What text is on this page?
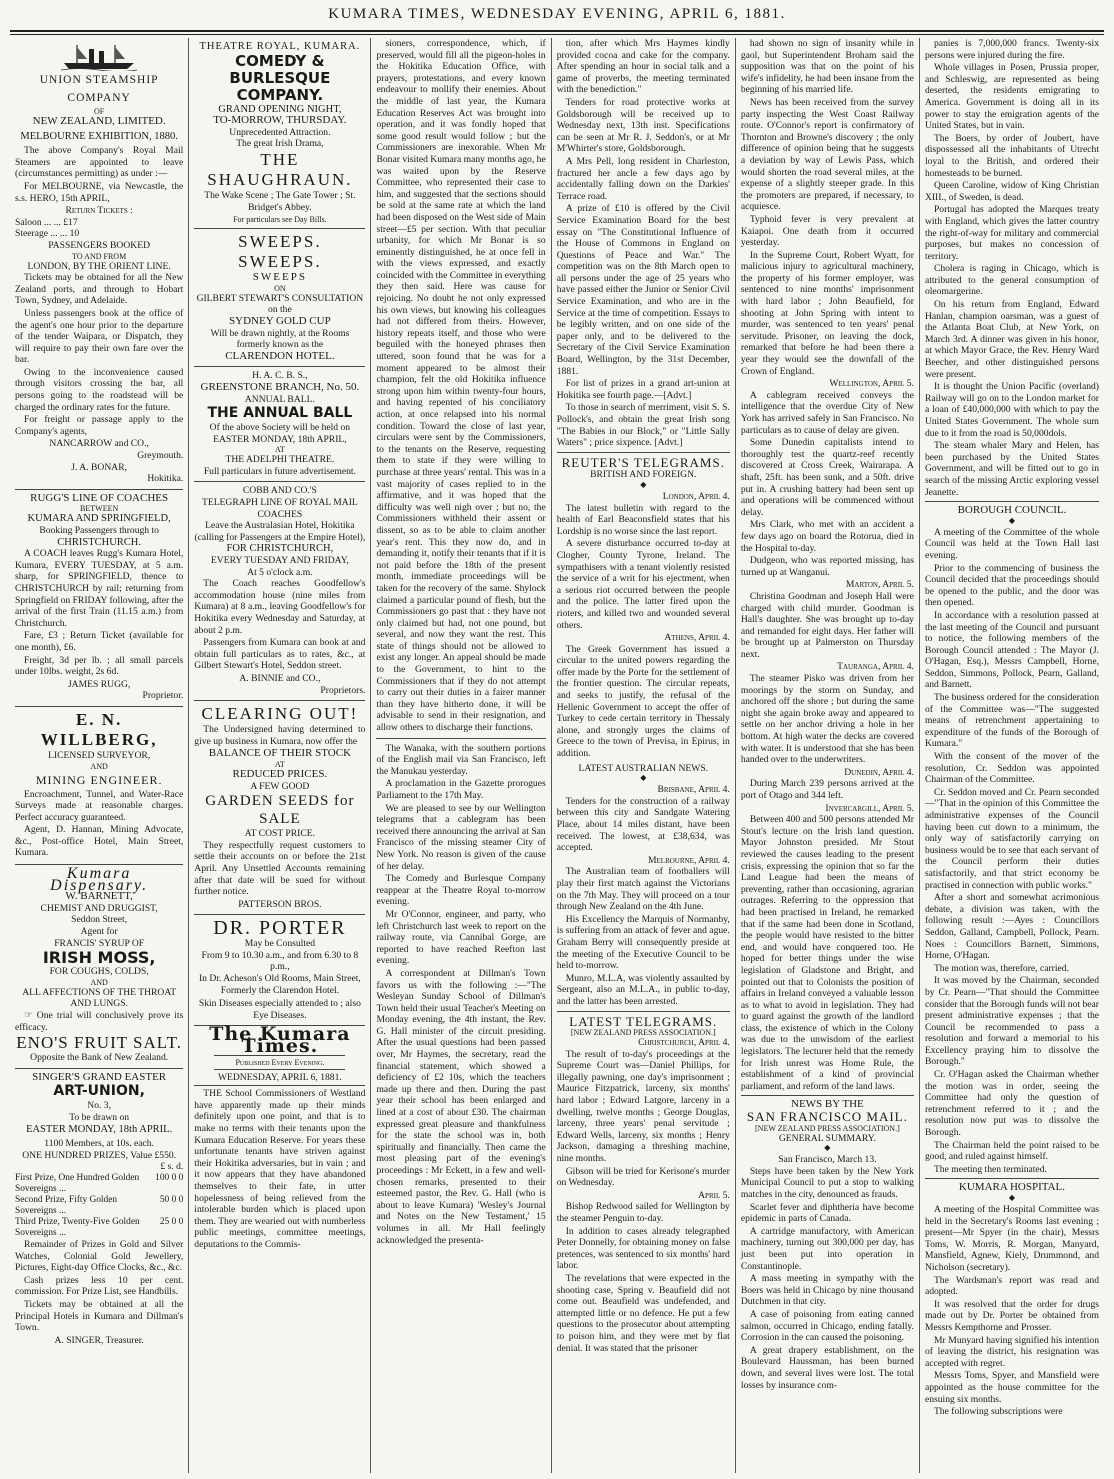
KUMARA TIMES, WEDNESDAY EVENING, APRIL 6, 1881.
UNION STEAMSHIP COMPANY
OF
NEW ZEALAND, LIMITED.
MELBOURNE EXHIBITION, 1880.

The above Company's Royal Mail Steamers are appointed to leave (circumstances permitting) as under :—

For MELBOURNE, via Newcastle, the s.s. HERO, 15th APRIL,

Return Tickets :
Saloon ... ... £17
Steerage ... ... 10
PASSENGERS BOOKED
TO AND FROM
LONDON, BY THE ORIENT LINE.

Tickets may be obtained for all the New Zealand ports, and through to Hobart Town, Sydney, and Adelaide.

Unless passengers book at the office of the agent's one hour prior to the departure of the tender Waipara, or Dispatch, they will require to pay their own fare over the bar.

Owing to the inconvenience caused through visitors crossing the bar, all persons going to the roadstead will be charged the ordinary rates for the future.

For freight or passage apply to the Company's agents,

NANCARROW and CO.,
Greymouth.
J. A. BONAR,
Hokitika.
RUGG'S LINE OF COACHES
BETWEEN
KUMARA AND SPRINGFIELD,
Booking Passengers through to
CHRISTCHURCH.

A COACH leaves Rugg's Kumara Hotel, Kumara, EVERY TUESDAY, at 5 a.m. sharp, for SPRINGFIELD, thence to CHRISTCHURCH by rail; returning from Springfield on FRIDAY following, after the arrival of the first Train (11.15 a.m.) from Christchurch.

Fare, £3 ; Return Ticket (available for one month), £6.

Freight, 3d per lb. ; all small parcels under 10lbs. weight, 2s 6d.

JAMES RUGG,
Proprietor.
E. N. WILLBERG,
LICENSED SURVEYOR,
AND
MINING ENGINEER.

Encroachment, Tunnel, and Water-Race Surveys made at reasonable charges. Perfect accuracy guaranteed.

Agent, D. Hannan, Mining Advocate, &c., Post-office Hotel, Main Street, Kumara.

Kumara Dispensary.
W. BARNETT,
CHEMIST AND DRUGGIST,
Seddon Street,
Agent for
FRANCIS' SYRUP OF
IRISH MOSS,
FOR COUGHS, COLDS,
AND
ALL AFFECTIONS OF THE THROAT AND LUNGS.

☞ One trial will conclusively prove its efficacy.

ENO'S FRUIT SALT.
Opposite the Bank of New Zealand.
SINGER'S GRAND EASTER
ART-UNION,
No. 3,
To be drawn on
EASTER MONDAY, 18th APRIL.
1100 Members, at 10s. each.
ONE HUNDRED PRIZES, Value £550.
£ s. d.
First Prize, One Hundred Golden Sovereigns ...	100 0 0
Second Prize, Fifty Golden Sovereigns ...	50 0 0
Third Prize, Twenty-Five Golden Sovereigns ...	25 0 0

Remainder of Prizes in Gold and Silver Watches, Colonial Gold Jewellery, Pictures, Eight-day Office Clocks, &c., &c.

Cash prizes less 10 per cent. commission. For Prize List, see Handbills.

Tickets may be obtained at all the Principal Hotels in Kumara and Dillman's Town.

A. SINGER, Treasurer.
THEATRE ROYAL, KUMARA.
COMEDY & BURLESQUE COMPANY.
GRAND OPENING NIGHT,
TO-MORROW, THURSDAY.
Unprecedented Attraction.
The great Irish Drama,
THE SHAUGHRAUN.
The Wake Scene ; The Gate Tower ; St. Bridget's Abbey.
For particulars see Day Bills.
SWEEPS. SWEEPS.
SWEEPS
ON
GILBERT STEWART'S CONSULTATION on the
SYDNEY GOLD CUP
Will be drawn nightly, at the Rooms formerly known as the
CLARENDON HOTEL.
H. A. C. B. S.,
GREENSTONE BRANCH, No. 50.
ANNUAL BALL.
THE ANNUAL BALL
Of the above Society will be held on
EASTER MONDAY, 18th APRIL,
AT
THE ADELPHI THEATRE.
Full particulars in future advertisement.
COBB AND CO.'S
TELEGRAPH LINE OF ROYAL MAIL COACHES
Leave the Australasian Hotel, Hokitika (calling for Passengers at the Empire Hotel),
FOR CHRISTCHURCH,
EVERY TUESDAY AND FRIDAY,
At 5 o'clock a.m.

The Coach reaches Goodfellow's accommodation house (nine miles from Kumara) at 8 a.m., leaving Goodfellow's for Hokitika every Wednesday and Saturday, at about 2 p.m.

Passengers from Kumara can book at and obtain full particulars as to rates, &c., at Gilbert Stewart's Hotel, Seddon street.

A. BINNIE and CO.,
Proprietors.
CLEARING OUT!

The Undersigned having determined to give up business in Kumara, now offer the

BALANCE OF THEIR STOCK
AT
REDUCED PRICES.
A FEW GOOD
GARDEN SEEDS for SALE
AT COST PRICE.

They respectfully request customers to settle their accounts on or before the 21st April. Any Unsettled Accounts remaining after that date will be sued for without further notice.

PATTERSON BROS.
DR. PORTER
May be Consulted
From 9 to 10.30 a.m., and from 6.30 to 8 p.m.,
In Dr. Acheson's Old Rooms, Main Street,
Formerly the Clarendon Hotel.
Skin Diseases especially attended to ; also Eye Diseases.
The Kumara Times.
Published Every Evening.
WEDNESDAY, APRIL 6, 1881.

THE School Commissioners of Westland have apparently made up their minds definitely upon one point, and that is to make no terms with their tenants upon the Kumara Education Reserve. For years these unfortunate tenants have striven against their Hokitika adversaries, but in vain ; and it now appears that they have abandoned themselves to their fate, in utter hopelessness of being relieved from the intolerable burden which is placed upon them. They are wearied out with numberless public meetings, committee meetings, deputations to the Commis-

sioners, correspondence, which, if preserved, would fill all the pigeon-holes in the Hokitika Education Office, with prayers, protestations, and every known endeavour to mollify their enemies. About the middle of last year, the Kumara Education Reserves Act was brought into operation, and it was fondly hoped that some good result would follow ; but the Commissioners are inexorable. When Mr Bonar visited Kumara many months ago, he was waited upon by the Reserve Committee, who represented their case to him, and suggested that the sections should be sold at the same rate at which the land had been disposed on the West side of Main street—£5 per section. With that peculiar urbanity, for which Mr Bonar is so eminently distinguished, he at once fell in with the views expressed, and exactly coincided with the Committee in everything they then said. Here was cause for rejoicing. No doubt he not only expressed his own views, but knowing his colleagues had not differed from theirs. However, history repeats itself, and those who were beguiled with the honeyed phrases then uttered, soon found that he was for a moment appeared to be almost their champion, felt the old Hokitika influence strong upon him within twenty-four hours, and having repented of his conciliatory action, at once relapsed into his normal condition. Toward the close of last year, circulars were sent by the Commissioners, to the tenants on the Reserve, requesting them to state if they were willing to purchase at three years' rental. This was in a vast majority of cases replied to in the affirmative, and it was hoped that the difficulty was well nigh over ; but no, the Commissioners withheld their assent or dissent, so as to be able to claim another year's rent. This they now do, and in demanding it, notify their tenants that if it is not paid before the 18th of the present month, immediate proceedings will be taken for the recovery of the same. Shylock claimed a particular pound of flesh, but the Commissioners go past that : they have not only claimed but had, not one pound, but several, and now they want the rest. This state of things should not be allowed to exist any longer. An appeal should be made to the Government, to hint to the Commissioners that if they do not attempt to carry out their duties in a fairer manner than they have hitherto done, it will be advisable to send in their resignation, and allow others to discharge their functions.

The Wanaka, with the southern portions of the English mail via San Francisco, left the Manukau yesterday.

A proclamation in the Gazette prorogues Parliament to the 17th May.

We are pleased to see by our Wellington telegrams that a cablegram has been received there announcing the arrival at San Francisco of the missing steamer City of New York. No reason is given of the cause of her delay.

The Comedy and Burlesque Company reappear at the Theatre Royal to-morrow evening.

Mr O'Connor, engineer, and party, who left Christchurch last week to report on the railway route, via Cannibal Gorge, are reported to have reached Reefton last evening.

A correspondent at Dillman's Town favors us with the following :—"The Wesleyan Sunday School of Dillman's Town held their usual Teacher's Meeting on Monday evening, the 4th instant, the Rev. G. Hall minister of the circuit presiding. After the usual questions had been passed over, Mr Haymes, the secretary, read the financial statement, which showed a deficiency of £2 10s, which the teachers made up there and then. During the past year their school has been enlarged and lined at a cost of about £30. The chairman expressed great pleasure and thankfulness for the state the school was in, both spiritually and financially. Then came the most pleasing part of the evening's proceedings : Mr Eckett, in a few and well-chosen remarks, presented to their esteemed pastor, the Rev. G. Hall (who is about to leave Kumara) 'Wesley's Journal and Notes on the New Testament,' 15 volumes in all. Mr Hall feelingly acknowledged the presenta-

tion, after which Mrs Haymes kindly provided cocoa and cake for the company. After spending an hour in social talk and a game of proverbs, the meeting terminated with the benediction."

Tenders for road protective works at Goldsborough will be received up to Wednesday next, 13th inst. Specifications can be seen at Mr R. J. Seddon's, or at Mr M'Whirter's store, Goldsborough.

A Mrs Pell, long resident in Charleston, fractured her ancle a few days ago by accidentally falling down on the Darkies' Terrace road.

A prize of £10 is offered by the Civil Service Examination Board for the best essay on "The Constitutional Influence of the House of Commons in England on Questions of Peace and War." The competition was on the 8th March open to all persons under the age of 25 years who have passed either the Junior or Senior Civil Service Examination, and who are in the Service at the time of competition. Essays to be legibly written, and on one side of the paper only, and to be delivered to the Secretary of the Civil Service Examination Board, Wellington, by the 31st December, 1881.

For list of prizes in a grand art-union at Hokitika see fourth page.—[Advt.]

To those in search of merriment, visit S. S. Pollock's, and obtain the great Irish song "The Babies in our Block," or "Little Sally Waters" ; price sixpence. [Advt.]

REUTER'S TELEGRAMS.
BRITISH AND FOREIGN.
◆
London, April 4.

The latest bulletin with regard to the health of Earl Beaconsfield states that his Lordship is no worse since the last report.

A severe disturbance occurred to-day at Clogher, County Tyrone, Ireland. The sympathisers with a tenant violently resisted the service of a writ for his ejectment, when a serious riot occurred between the people and the police. The latter fired upon the rioters, and killed two and wounded several others.

Athens, April 4.

The Greek Government has issued a circular to the united powers regarding the offer made by the Porte for the settlement of the frontier question. The circular repeats, and seeks to justify, the refusal of the Hellenic Government to accept the offer of Turkey to cede certain territory in Thessaly alone, and strongly urges the claims of Greece to the town of Previsa, in Epirus, in addition.

LATEST AUSTRALIAN NEWS.
◆
Brisbane, April 4.

Tenders for the construction of a railway between this city and Sandgate Watering Place, about 14 miles distant, have been received. The lowest, at £38,634, was accepted.

Melbourne, April 4.

The Australian team of footballers will play their first match against the Victorians on the 7th May. They will proceed on a tour through New Zealand on the 4th June.

His Excellency the Marquis of Normanby, is suffering from an attack of fever and ague. Graham Berry will consequently preside at the meeting of the Executive Council to be held to-morrow.

Munro, M.L.A, was violently assaulted by Sergeant, also an M.L.A., in public to-day, and the latter has been arrested.

LATEST TELEGRAMS.
[NEW ZEALAND PRESS ASSOCIATION.]
Christchurch, April 4.

The result of to-day's proceedings at the Supreme Court was—Daniel Phillips, for illegally pawning, one day's imprisonment ; Maurice Fitzpatrick, larceny, six months' hard labor ; Edward Latgore, larceny in a dwelling, twelve months ; George Douglas, larceny, three years' penal servitude ; Edward Wells, larceny, six months ; Henry Jackson, damaging a threshing machine, nine months.

Gibson will be tried for Kerisone's murder on Wednesday.

April 5.

Bishop Redwood sailed for Wellington by the steamer Penguin to-day.

In addition to cases already telegraphed Peter Donnelly, for obtaining money on false pretences, was sentenced to six months' hard labor.

The revelations that were expected in the shooting case, Spring v. Beaufield did not come out. Beaufield was undefended, and attempted little or no defence. He put a few questions to the prosecutor about attempting to poison him, and they were met by flat denial. It was stated that the prisoner

had shown no sign of insanity while in gaol, but Superintendent Broham said the supposition was that on the point of his wife's infidelity, he had been insane from the beginning of his married life.

News has been received from the survey party inspecting the West Coast Railway route. O'Connor's report is confirmatory of Thornton and Browne's discovery ; the only difference of opinion being that he suggests a deviation by way of Lewis Pass, which would shorten the road several miles, at the expense of a slightly steeper grade. In this the promoters are prepared, if necessary, to acquiesce.

Typhoid fever is very prevalent at Kaiapoi. One death from it occurred yesterday.

In the Supreme Court, Robert Wyatt, for malicious injury to agricultural machinery, the property of his former employer, was sentenced to nine months' imprisonment with hard labor ; John Beaufield, for shooting at John Spring with intent to murder, was sentenced to ten years' penal servitude. Prisoner, on leaving the dock, remarked that before he had been there a year they would see the downfall of the Crown of England.

Wellington, April 5.

A cablegram received conveys the intelligence that the overdue City of New York has arrived safely in San Francisco. No particulars as to cause of delay are given.

Some Dunedin capitalists intend to thoroughly test the quartz-reef recently discovered at Cross Creek, Wairarapa. A shaft, 25ft. has been sunk, and a 50ft. drive put in. A crushing battery had been sent up and operations will be commenced without delay.

Mrs Clark, who met with an accident a few days ago on board the Rotorua, died in the Hospital to-day.

Dudgeon, who was reported missing, has turned up at Wanganui.

Marton, April 5.

Christina Goodman and Joseph Hall were charged with child murder. Goodman is Hall's daughter. She was brought up to-day and remanded for eight days. Her father will be brought up at Palmerston on Thursday next.

Tauranga, April 4.

The steamer Pisko was driven from her moorings by the storm on Sunday, and anchored off the shore ; but during the same night she again broke away and appeared to settle on her anchor driving a hole in her bottom. At high water the decks are covered with water. It is understood that she has been handed over to the underwriters.

Dunedin, April 4.

During March 239 persons arrived at the port of Otago and 344 left.

Invercargill, April 5.

Between 400 and 500 persons attended Mr Stout's lecture on the Irish land question. Mayor Johnston presided. Mr Stout reviewed the causes leading to the present crisis, expressing the opinion that so far the Land League had been the means of preventing, rather than occasioning, agrarian outrages. Referring to the oppression that had been practised in Ireland, he remarked that if the same had been done in Scotland, the people would have resisted to the bitter end, and would have conquered too. He hoped for better things under the wise legislation of Gladstone and Bright, and pointed out that to Colonists the position of affairs in Ireland conveyed a valuable lesson as to what to avoid in legislation. They had to guard against the growth of the landlord class, the existence of which in the Colony was due to the unwisdom of the earliest legislators. The lecturer held that the remedy for Irish unrest was Home Rule, the establishment of a kind of provincial parliament, and reform of the land laws.

NEWS BY THE
SAN FRANCISCO MAIL.
[NEW ZEALAND PRESS ASSOCIATION.]
GENERAL SUMMARY.
◆
San Francisco, March 13.

Steps have been taken by the New York Municipal Council to put a stop to walking matches in the city, denounced as frauds.

Scarlet fever and diphtheria have become epidemic in parts of Canada.

A cartridge manufactory, with American machinery, turning out 300,000 per day, has just been put into operation in Constantinople.

A mass meeting in sympathy with the Boers was held in Chicago by nine thousand Dutchmen in that city.

A case of poisoning from eating canned salmon, occurred in Chicago, ending fatally. Corrosion in the can caused the poisoning.

A great drapery establishment, on the Boulevard Haussman, has been burned down, and several lives were lost. The total losses by insurance com-

panies is 7,000,000 francs. Twenty-six persons were injured during the fire.

Whole villages in Posen, Prussia proper, and Schleswig, are represented as being deserted, the residents emigrating to America. Government is doing all in its power to stay the emigration agents of the United States, but in vain.

The Boers, by order of Joubert, have dispossessed all the inhabitants of Utrecht loyal to the British, and ordered their homesteads to be burned.

Queen Caroline, widow of King Christian XIII., of Sweden, is dead.

Portugal has adopted the Marques treaty with England, which gives the latter country the right-of-way for military and commercial purposes, but makes no concession of territory.

Cholera is raging in Chicago, which is attributed to the general consumption of oleomargerine.

On his return from England, Edward Hanlan, champion oarsman, was a guest of the Atlanta Boat Club, at New York, on March 3rd. A dinner was given in his honor, at which Mayor Grace, the Rev. Henry Ward Beecher, and other distinguished persons were present.

It is thought the Union Pacific (overland) Railway will go on to the London market for a loan of £40,000,000 with which to pay the United States Government. The whole sum due to it from the road is 50,000dols.

The steam whaler Mary and Helen, has been purchased by the United States Government, and will be fitted out to go in search of the missing Arctic exploring vessel Jeanette.

BOROUGH COUNCIL.
◆

A meeting of the Committee of the whole Council was held at the Town Hall last evening.

Prior to the commencing of business the Council decided that the proceedings should be opened to the public, and the door was then opened.

In accordance with a resolution passed at the last meeting of the Council and pursuant to notice, the following members of the Borough Council attended : The Mayor (J. O'Hagan, Esq.), Messrs Campbell, Horne, Seddon, Simmons, Pollock, Pearn, Galland, and Barnett.

The business ordered for the consideration of the Committee was—"The suggested means of retrenchment appertaining to expenditure of the funds of the Borough of Kumara."

With the consent of the mover of the resolution, Cr. Seddon was appointed Chairman of the Committee.

Cr. Seddon moved and Cr. Pearn seconded—"That in the opinion of this Committee the administrative expenses of the Council having been cut down to a minimum, the only way of satisfactorily carrying on business would be to see that each servant of the Council perform their duties satisfactorily, and that strict economy be practised in connection with public works."

After a short and somewhat acrimonious debate, a division was taken, with the following result :—Ayes : Councillors Seddon, Galland, Campbell, Pollock, Pearn. Noes : Councillors Barnett, Simmons, Horne, O'Hagan.

The motion was, therefore, carried.

It was moved by the Chairman, seconded by Cr. Pearn—"That should the Committee consider that the Borough funds will not bear present administrative expenses ; that the Council be recommended to pass a resolution and forward a memorial to his Excellency praying him to dissolve the Borough."

Cr. O'Hagan asked the Chairman whether the motion was in order, seeing the Committee had only the question of retrenchment referred to it ; and the resolution now put was to dissolve the Borough.

The Chairman held the point raised to be good, and ruled against himself.

The meeting then terminated.

KUMARA HOSPITAL.
◆

A meeting of the Hospital Committee was held in the Secretary's Rooms last evening ; present—Mr Spyer (in the chair), Messrs Toms, W. Morris, R. Morgan, Manyard, Mansfield, Agnew, Kiely, Drummond, and Nicholson (secretary).

The Wardsman's report was read and adopted.

It was resolved that the order for drugs made out by Dr. Porter be obtained from Messrs Kempthorne and Prosser.

Mr Munyard having signified his intention of leaving the district, his resignation was accepted with regret.

Messrs Toms, Spyer, and Mansfield were appointed as the house committee for the ensuing six months.

The following subscriptions were
